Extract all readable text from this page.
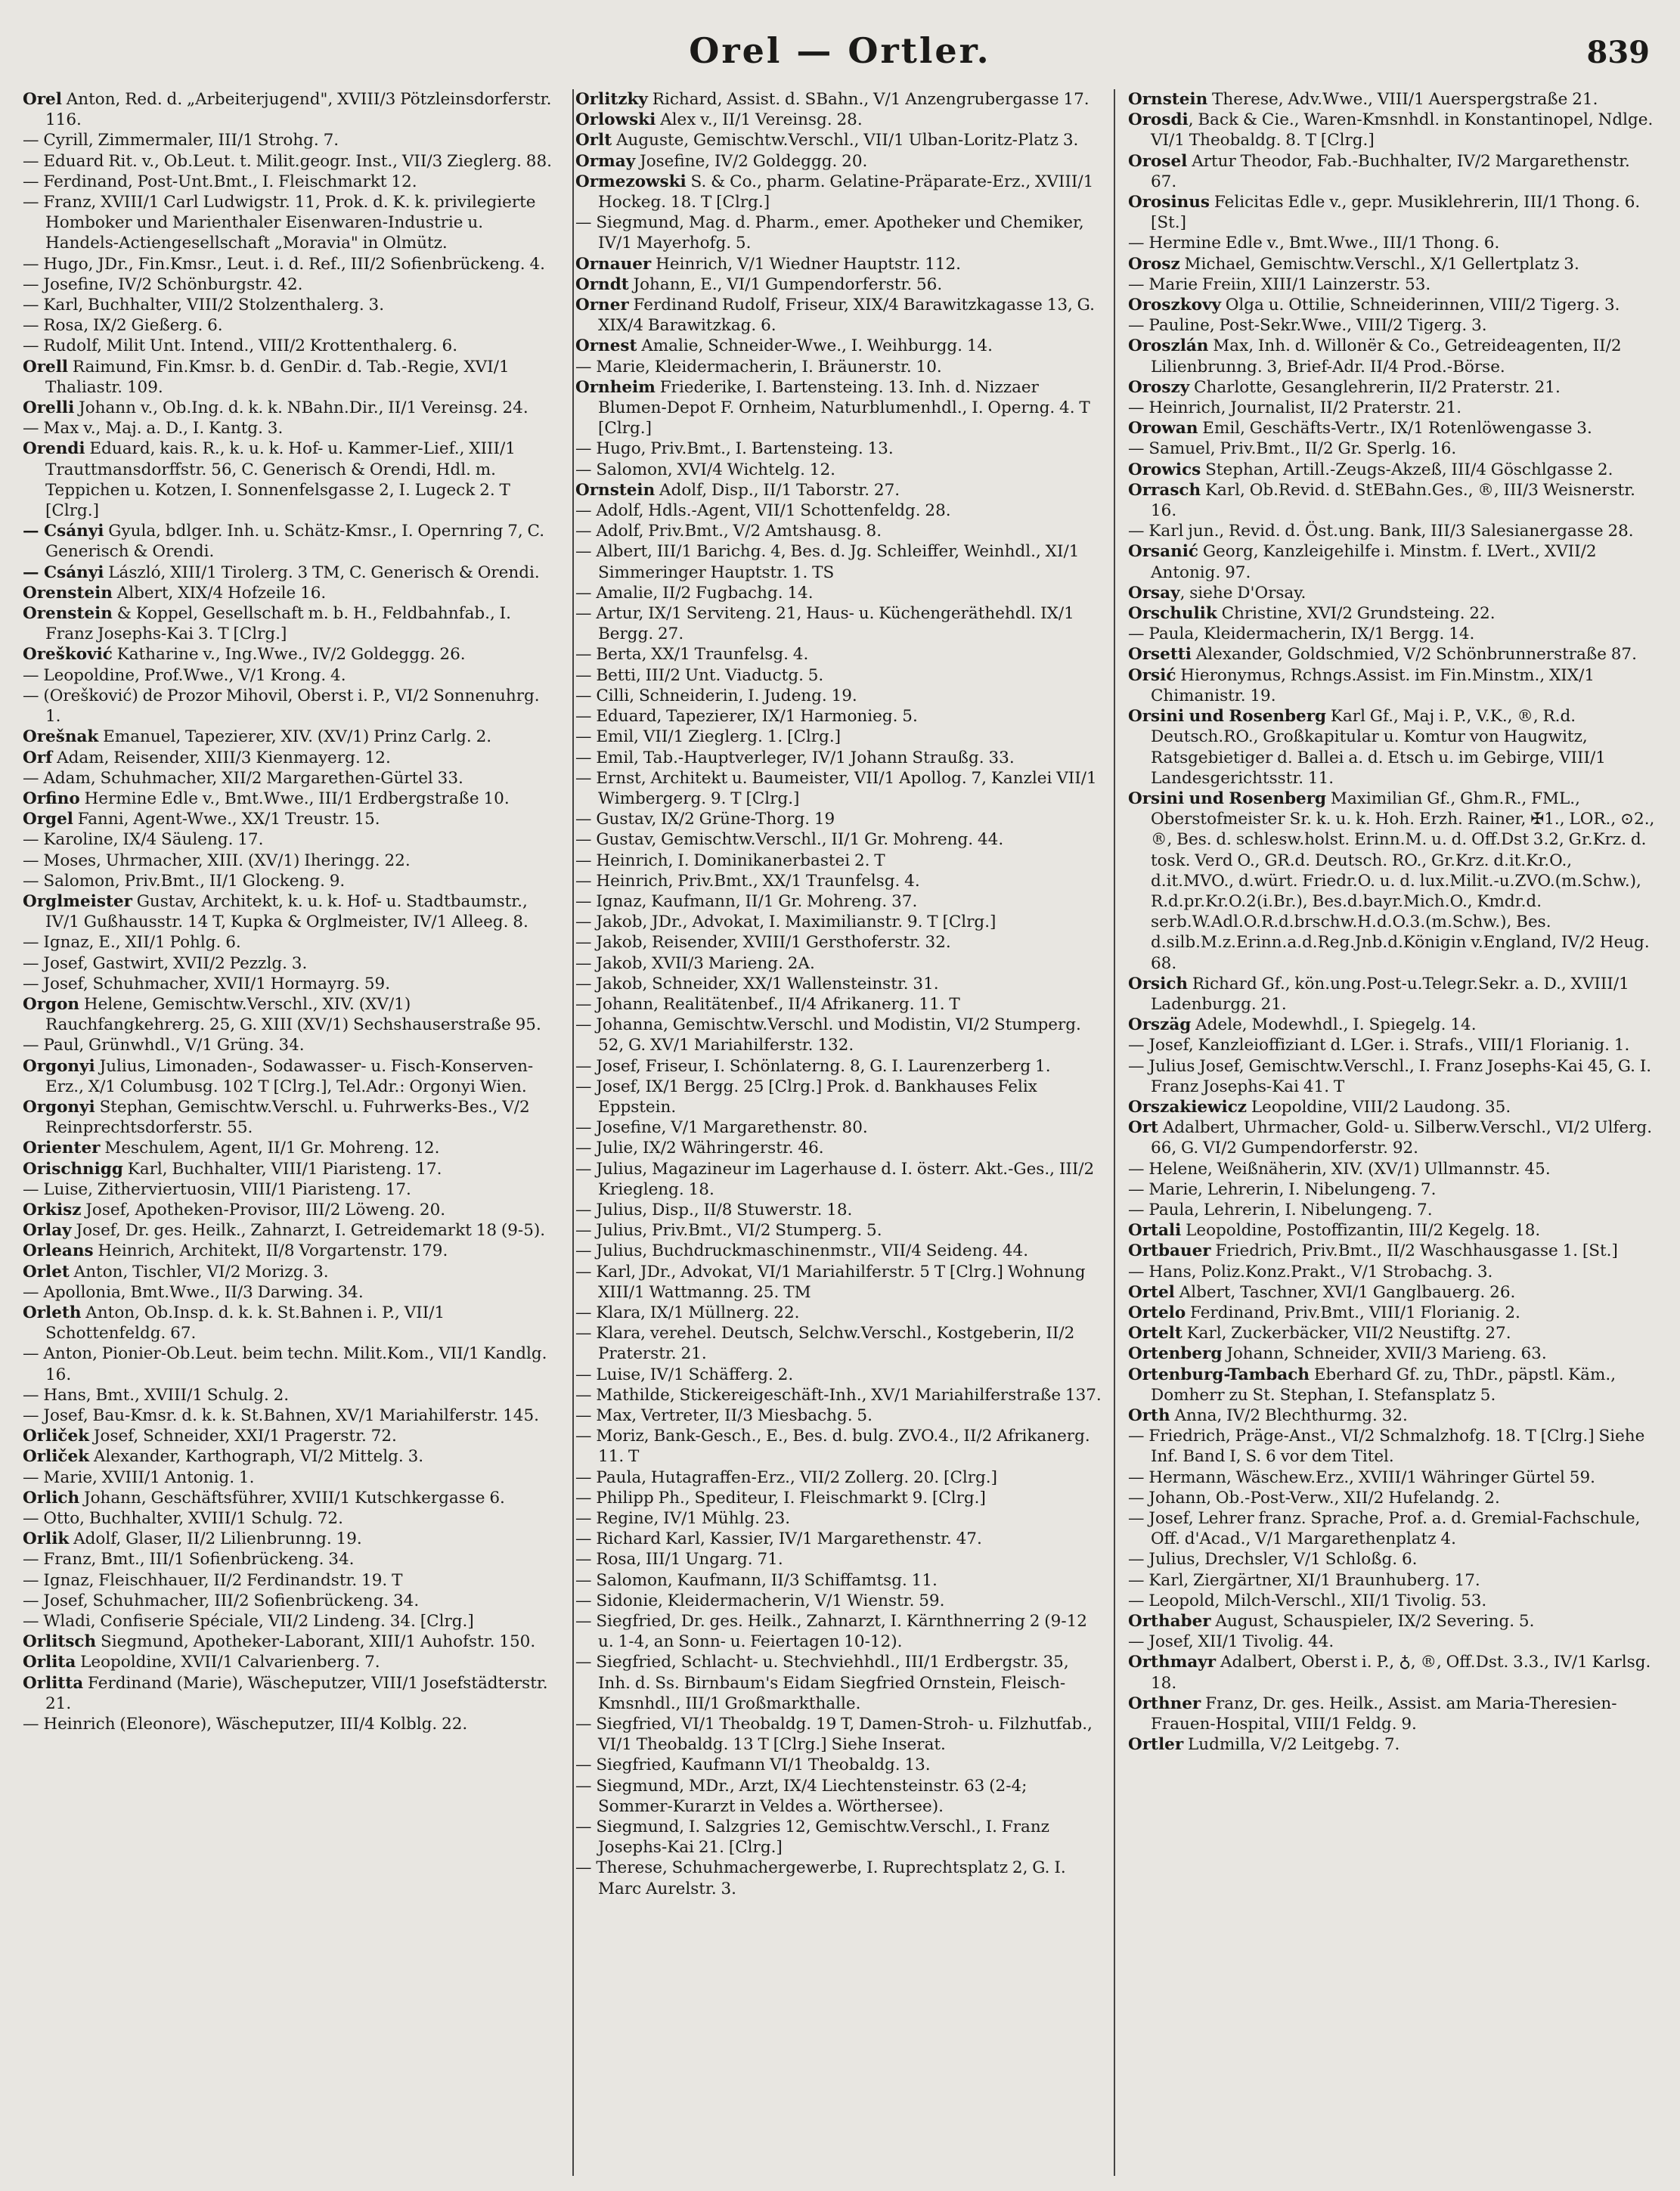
Orel — Ortler.	839
Orel Anton, Red. d. „Arbeiterjugend", XVIII/3 Pötzleinsdorferstr. 116.
— Cyrill, Zimmermaler, III/1 Strohg. 7.
— Eduard Rit. v., Ob.Leut. t. Milit.geogr. Inst., VII/3 Zieglerg. 88.
— Ferdinand, Post-Unt.Bmt., I. Fleischmarkt 12.
— Franz, XVIII/1 Carl Ludwigstr. 11, Prok. d. K. k. privilegierte Homboker und Marienthaler Eisenwaren-Industrie u. Handels-Actiengesellschaft „Moravia" in Olmütz.
— Hugo, JDr., Fin.Kmsr., Leut. i. d. Ref., III/2 Sofienbrückeng. 4.
— Josefine, IV/2 Schönburgstr. 42.
— Karl, Buchhalter, VIII/2 Stolzenthalerg. 3.
— Rosa, IX/2 Gießerg. 6.
— Rudolf, Milit Unt. Intend., VIII/2 Krottenthalerg. 6.
Orell Raimund, Fin.Kmsr. b. d. GenDir. d. Tab.-Regie, XVI/1 Thaliastr. 109.
Orelli Johann v., Ob.Ing. d. k. k. NBahn.Dir., II/1 Vereinsg. 24.
— Max v., Maj. a. D., I. Kantg. 3.
Orendi Eduard, kais. R., k. u. k. Hof- u. Kammer-Lief., XIII/1 Trauttmansdorffstr. 56, C. Generisch & Orendi, Hdl. m. Teppichen u. Kotzen, I. Sonnenfelsgasse 2, I. Lugeck 2. T [Clrg.]
— Csányi Gyula, bdlger. Inh. u. Schätz-Kmsr., I. Opernring 7, C. Generisch & Orendi.
— Csányi László, XIII/1 Tirolerg. 3 TM, C. Generisch & Orendi.
Orenstein Albert, XIX/4 Hofzeile 16.
Orenstein & Koppel, Gesellschaft m. b. H., Feldbahnfab., I. Franz Josephs-Kai 3. T [Clrg.]
Orešković Katharine v., Ing.Wwe., IV/2 Goldeggg. 26.
— Leopoldine, Prof.Wwe., V/1 Krong. 4.
— (Orešković) de Prozor Mihovil, Oberst i. P., VI/2 Sonnenuhrg. 1.
Orešnak Emanuel, Tapezierer, XIV. (XV/1) Prinz Carlg. 2.
Orf Adam, Reisender, XIII/3 Kienmayerg. 12.
— Adam, Schuhmacher, XII/2 Margarethen-Gürtel 33.
Orfino Hermine Edle v., Bmt.Wwe., III/1 Erdbergstraße 10.
Orgel Fanni, Agent-Wwe., XX/1 Treustr. 15.
— Karoline, IX/4 Säuleng. 17.
— Moses, Uhrmacher, XIII. (XV/1) Iheringg. 22.
— Salomon, Priv.Bmt., II/1 Glockeng. 9.
Orglmeister Gustav, Architekt, k. u. k. Hof- u. Stadtbaumstr., IV/1 Gußhausstr. 14 T, Kupka & Orglmeister, IV/1 Alleeg. 8.
— Ignaz, E., XII/1 Pohlg. 6.
— Josef, Gastwirt, XVII/2 Pezzlg. 3.
— Josef, Schuhmacher, XVII/1 Hormayrg. 59.
Orgon Helene, Gemischtw.Verschl., XIV. (XV/1) Rauchfangkehrerg. 25, G. XIII (XV/1) Sechshauserstraße 95.
— Paul, Grünwhdl., V/1 Grüng. 34.
Orgonyi Julius, Limonaden-, Sodawasser- u. Fisch-Konserven-Erz., X/1 Columbusg. 102 T [Clrg.], Tel.Adr.: Orgonyi Wien.
Orgonyi Stephan, Gemischtw.Verschl. u. Fuhrwerks-Bes., V/2 Reinprechtsdorferstr. 55.
Orienter Meschulem, Agent, II/1 Gr. Mohreng. 12.
Orischnigg Karl, Buchhalter, VIII/1 Piaristeng. 17.
— Luise, Zitherviertuosin, VIII/1 Piaristeng. 17.
Orkisz Josef, Apotheken-Provisor, III/2 Löweng. 20.
Orlay Josef, Dr. ges. Heilk., Zahnarzt, I. Getreidemarkt 18 (9-5).
Orleans Heinrich, Architekt, II/8 Vorgartenstr. 179.
Orlet Anton, Tischler, VI/2 Morizg. 3.
— Apollonia, Bmt.Wwe., II/3 Darwing. 34.
Orleth Anton, Ob.Insp. d. k. k. St.Bahnen i. P., VII/1 Schottenfeldg. 67.
— Anton, Pionier-Ob.Leut. beim techn. Milit.Kom., VII/1 Kandlg. 16.
— Hans, Bmt., XVIII/1 Schulg. 2.
— Josef, Bau-Kmsr. d. k. k. St.Bahnen, XV/1 Mariahilferstr. 145.
Orliček Josef, Schneider, XXI/1 Pragerstr. 72.
Orliček Alexander, Karthograph, VI/2 Mittelg. 3.
— Marie, XVIII/1 Antonig. 1.
Orlich Johann, Geschäftsführer, XVIII/1 Kutschkergasse 6.
— Otto, Buchhalter, XVIII/1 Schulg. 72.
Orlik Adolf, Glaser, II/2 Lilienbrunng. 19.
— Franz, Bmt., III/1 Sofienbrückeng. 34.
— Ignaz, Fleischhauer, II/2 Ferdinandstr. 19. T
— Josef, Schuhmacher, III/2 Sofienbrückeng. 34.
— Wladi, Confiserie Spéciale, VII/2 Lindeng. 34. [Clrg.]
Orlitsch Siegmund, Apotheker-Laborant, XIII/1 Auhofstr. 150.
Orlita Leopoldine, XVII/1 Calvarienberg. 7.
Orlitta Ferdinand (Marie), Wäscheputzer, VIII/1 Josefstädterstr. 21.
— Heinrich (Eleonore), Wäscheputzer, III/4 Kolblg. 22.
Orlitzky Richard, Assist. d. SBahn., V/1 Anzengrubergasse 17.
Orlowski Alex v., II/1 Vereinsg. 28.
Orlt Auguste, Gemischtw.Verschl., VII/1 Ulban-Loritz-Platz 3.
Ormay Josefine, IV/2 Goldeggg. 20.
Ormezowski S. & Co., pharm. Gelatine-Präparate-Erz., XVIII/1 Hockeg. 18. T [Clrg.]
— Siegmund, Mag. d. Pharm., emer. Apotheker und Chemiker, IV/1 Mayerhofg. 5.
Ornauer Heinrich, V/1 Wiedner Hauptstr. 112.
Orndt Johann, E., VI/1 Gumpendorferstr. 56.
Orner Ferdinand Rudolf, Friseur, XIX/4 Barawitzkagasse 13, G. XIX/4 Barawitzkag. 6.
Ornest Amalie, Schneider-Wwe., I. Weihburgg. 14.
— Marie, Kleidermacherin, I. Bräunerstr. 10.
Ornheim Friederike, I. Bartensteing. 13. Inh. d. Nizzaer Blumen-Depot F. Ornheim, Naturblumenhdl., I. Operng. 4. T [Clrg.]
— Hugo, Priv.Bmt., I. Bartensteing. 13.
— Salomon, XVI/4 Wichtelg. 12.
Ornstein Adolf, Disp., II/1 Taborstr. 27.
— Adolf, Hdls.-Agent, VII/1 Schottenfeldg. 28.
— Adolf, Priv.Bmt., V/2 Amtshausg. 8.
— Albert, III/1 Barichg. 4, Bes. d. Jg. Schleiffer, Weinhdl., XI/1 Simmeringer Hauptstr. 1. TS
— Amalie, II/2 Fugbachg. 14.
— Artur, IX/1 Serviteng. 21, Haus- u. Küchengeräthehdl. IX/1 Bergg. 27.
— Berta, XX/1 Traunfelsg. 4.
— Betti, III/2 Unt. Viaductg. 5.
— Cilli, Schneiderin, I. Judeng. 19.
— Eduard, Tapezierer, IX/1 Harmonieg. 5.
— Emil, VII/1 Zieglerg. 1. [Clrg.]
— Emil, Tab.-Hauptverleger, IV/1 Johann Straußg. 33.
— Ernst, Architekt u. Baumeister, VII/1 Apollog. 7, Kanzlei VII/1 Wimbergerg. 9. T [Clrg.]
— Gustav, IX/2 Grüne-Thorg. 19
— Gustav, Gemischtw.Verschl., II/1 Gr. Mohreng. 44.
— Heinrich, I. Dominikanerbastei 2. T
— Heinrich, Priv.Bmt., XX/1 Traunfelsg. 4.
— Ignaz, Kaufmann, II/1 Gr. Mohreng. 37.
— Jakob, JDr., Advokat, I. Maximilianstr. 9. T [Clrg.]
— Jakob, Reisender, XVIII/1 Gersthoferstr. 32.
— Jakob, XVII/3 Marieng. 2A.
— Jakob, Schneider, XX/1 Wallensteinstr. 31.
— Johann, Realitätenbef., II/4 Afrikanerg. 11. T
— Johanna, Gemischtw.Verschl. und Modistin, VI/2 Stumperg. 52, G. XV/1 Mariahilferstr. 132.
— Josef, Friseur, I. Schönlaterng. 8, G. I. Laurenzerberg 1.
— Josef, IX/1 Bergg. 25 [Clrg.] Prok. d. Bankhauses Felix Eppstein.
— Josefine, V/1 Margarethenstr. 80.
— Julie, IX/2 Währingerstr. 46.
— Julius, Magazineur im Lagerhause d. I. österr. Akt.-Ges., III/2 Kriegleng. 18.
— Julius, Disp., II/8 Stuwerstr. 18.
— Julius, Priv.Bmt., VI/2 Stumperg. 5.
— Julius, Buchdruckmaschinenmstr., VII/4 Seideng. 44.
— Karl, JDr., Advokat, VI/1 Mariahilferstr. 5 T [Clrg.] Wohnung XIII/1 Wattmanng. 25. TM
— Klara, IX/1 Müllnerg. 22.
— Klara, verehel. Deutsch, Selchw.Verschl., Kostgeberin, II/2 Praterstr. 21.
— Luise, IV/1 Schäfferg. 2.
— Mathilde, Stickereigeschäft-Inh., XV/1 Mariahilferstraße 137.
— Max, Vertreter, II/3 Miesbachg. 5.
— Moriz, Bank-Gesch., E., Bes. d. bulg. ZVO.4., II/2 Afrikanerg. 11. T
— Paula, Hutagraffen-Erz., VII/2 Zollerg. 20. [Clrg.]
— Philipp Ph., Spediteur, I. Fleischmarkt 9. [Clrg.]
— Regine, IV/1 Mühlg. 23.
— Richard Karl, Kassier, IV/1 Margarethenstr. 47.
— Rosa, III/1 Ungarg. 71.
— Salomon, Kaufmann, II/3 Schiffamtsg. 11.
— Sidonie, Kleidermacherin, V/1 Wienstr. 59.
— Siegfried, Dr. ges. Heilk., Zahnarzt, I. Kärnthnerring 2 (9-12 u. 1-4, an Sonn- u. Feiertagen 10-12).
— Siegfried, Schlacht- u. Stechviehhdl., III/1 Erdbergstr. 35, Inh. d. Ss. Birnbaum's Eidam Siegfried Ornstein, Fleisch-Kmsnhdl., III/1 Großmarkthalle.
— Siegfried, VI/1 Theobaldg. 19 T, Damen-Stroh- u. Filzhutfab., VI/1 Theobaldg. 13 T [Clrg.] Siehe Inserat.
— Siegfried, Kaufmann VI/1 Theobaldg. 13.
— Siegmund, MDr., Arzt, IX/4 Liechtensteinstr. 63 (2-4; Sommer-Kurarzt in Veldes a. Wörthersee).
— Siegmund, I. Salzgries 12, Gemischtw.Verschl., I. Franz Josephs-Kai 21. [Clrg.]
— Therese, Schuhmachergewerbe, I. Ruprechtsplatz 2, G. I. Marc Aurelstr. 3.
Ornstein Therese, Adv.Wwe., VIII/1 Auerspergstraße 21.
Orosdi, Back & Cie., Waren-Kmsnhdl. in Konstantinopel, Ndlge. VI/1 Theobaldg. 8. T [Clrg.]
Orosel Artur Theodor, Fab.-Buchhalter, IV/2 Margarethenstr. 67.
Orosinus Felicitas Edle v., gepr. Musiklehrerin, III/1 Thong. 6. [St.]
— Hermine Edle v., Bmt.Wwe., III/1 Thong. 6.
Orosz Michael, Gemischtw.Verschl., X/1 Gellertplatz 3.
— Marie Freiin, XIII/1 Lainzerstr. 53.
Oroszkovy Olga u. Ottilie, Schneiderinnen, VIII/2 Tigerg. 3.
— Pauline, Post-Sekr.Wwe., VIII/2 Tigerg. 3.
Oroszlán Max, Inh. d. Willonër & Co., Getreideagenten, II/2 Lilienbrunng. 3, Brief-Adr. II/4 Prod.-Börse.
Oroszy Charlotte, Gesanglehrerin, II/2 Praterstr. 21.
— Heinrich, Journalist, II/2 Praterstr. 21.
Orowan Emil, Geschäfts-Vertr., IX/1 Rotenlöwengasse 3.
— Samuel, Priv.Bmt., II/2 Gr. Sperlg. 16.
Orowics Stephan, Artill.-Zeugs-Akzeß, III/4 Göschlgasse 2.
Orrasch Karl, Ob.Revid. d. StEBahn.Ges., ®, III/3 Weisnerstr. 16.
— Karl jun., Revid. d. Öst.ung. Bank, III/3 Salesianergasse 28.
Orsanić Georg, Kanzleigehilfe i. Minstm. f. LVert., XVII/2 Antonig. 97.
Orsay, siehe D'Orsay.
Orschulik Christine, XVI/2 Grundsteing. 22.
— Paula, Kleidermacherin, IX/1 Bergg. 14.
Orsetti Alexander, Goldschmied, V/2 Schönbrunnerstraße 87.
Orsić Hieronymus, Rchngs.Assist. im Fin.Minstm., XIX/1 Chimanistr. 19.
Orsini und Rosenberg Karl Gf., Maj i. P., V.K., ®, R.d. Deutsch.RO., Großkapitular u. Komtur von Haugwitz, Ratsgebietiger d. Ballei a. d. Etsch u. im Gebirge, VIII/1 Landesgerichtsstr. 11.
Orsini und Rosenberg Maximilian Gf., Ghm.R., FML., Oberstofmeister Sr. k. u. k. Hoh. Erzh. Rainer, ✠1., LOR., ⊙2., ®, Bes. d. schlesw.holst. Erinn.M. u. d. Off.Dst 3.2, Gr.Krz. d. tosk. Verd O., GR.d. Deutsch. RO., Gr.Krz. d.it.Kr.O., d.it.MVO., d.würt. Friedr.O. u. d. lux.Milit.-u.ZVO.(m.Schw.), R.d.pr.Kr.O.2(i.Br.), Bes.d.bayr.Mich.O., Kmdr.d. serb.W.Adl.O.R.d.brschw.H.d.O.3.(m.Schw.), Bes. d.silb.M.z.Erinn.a.d.Reg.Jnb.d.Königin v.England, IV/2 Heug. 68.
Orsich Richard Gf., kön.ung.Post-u.Telegr.Sekr. a. D., XVIII/1 Ladenburgg. 21.
Orszäg Adele, Modewhdl., I. Spiegelg. 14.
— Josef, Kanzleioffiziant d. LGer. i. Strafs., VIII/1 Florianig. 1.
— Julius Josef, Gemischtw.Verschl., I. Franz Josephs-Kai 45, G. I. Franz Josephs-Kai 41. T
Orszakiewicz Leopoldine, VIII/2 Laudong. 35.
Ort Adalbert, Uhrmacher, Gold- u. Silberw.Verschl., VI/2 Ulferg. 66, G. VI/2 Gumpendorferstr. 92.
— Helene, Weißnäherin, XIV. (XV/1) Ullmannstr. 45.
— Marie, Lehrerin, I. Nibelungeng. 7.
— Paula, Lehrerin, I. Nibelungeng. 7.
Ortali Leopoldine, Postoffizantin, III/2 Kegelg. 18.
Ortbauer Friedrich, Priv.Bmt., II/2 Waschhausgasse 1. [St.]
— Hans, Poliz.Konz.Prakt., V/1 Strobachg. 3.
Ortel Albert, Taschner, XVI/1 Ganglbauerg. 26.
Ortelo Ferdinand, Priv.Bmt., VIII/1 Florianig. 2.
Ortelt Karl, Zuckerbäcker, VII/2 Neustiftg. 27.
Ortenberg Johann, Schneider, XVII/3 Marieng. 63.
Ortenburg-Tambach Eberhard Gf. zu, ThDr., päpstl. Käm., Domherr zu St. Stephan, I. Stefansplatz 5.
Orth Anna, IV/2 Blechthurmg. 32.
— Friedrich, Präge-Anst., VI/2 Schmalzhofg. 18. T [Clrg.] Siehe Inf. Band I, S. 6 vor dem Titel.
— Hermann, Wäschew.Erz., XVIII/1 Währinger Gürtel 59.
— Johann, Ob.-Post-Verw., XII/2 Hufelandg. 2.
— Josef, Lehrer franz. Sprache, Prof. a. d. Gremial-Fachschule, Off. d'Acad., V/1 Margarethenplatz 4.
— Julius, Drechsler, V/1 Schloßg. 6.
— Karl, Ziergärtner, XI/1 Braunhuberg. 17.
— Leopold, Milch-Verschl., XII/1 Tivolig. 53.
Orthaber August, Schauspieler, IX/2 Severing. 5.
— Josef, XII/1 Tivolig. 44.
Orthmayr Adalbert, Oberst i. P., ♁, ®, Off.Dst. 3.3., IV/1 Karlsg. 18.
Orthner Franz, Dr. ges. Heilk., Assist. am Maria-Theresien-Frauen-Hospital, VIII/1 Feldg. 9.
Ortler Ludmilla, V/2 Leitgebg. 7.
